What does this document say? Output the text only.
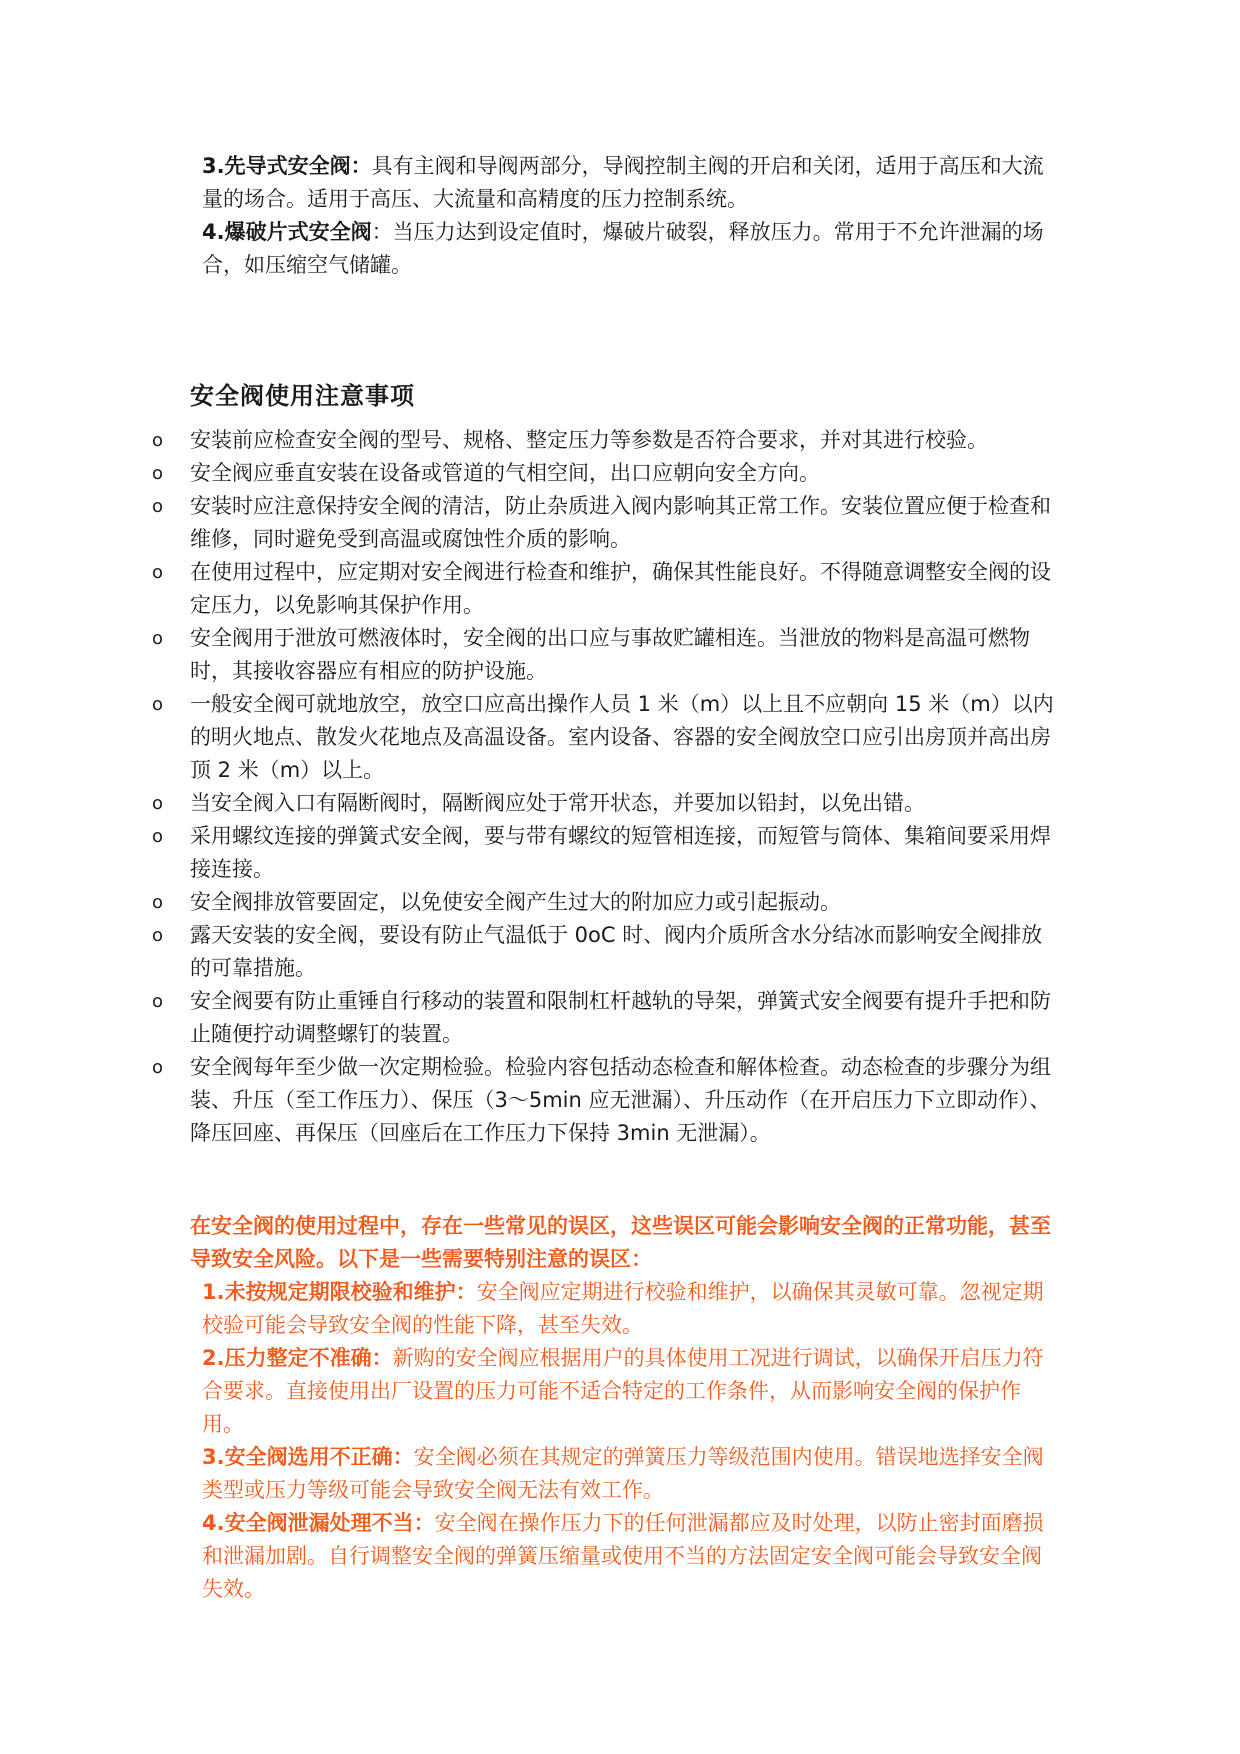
3.先导式安全阀：具有主阀和导阀两部分，导阀控制主阀的开启和关闭，适用于高压和大流量的场合。适用于高压、大流量和高精度的压力控制系统。

4.爆破片式安全阀：当压力达到设定值时，爆破片破裂，释放压力。常用于不允许泄漏的场合，如压缩空气储罐。

安全阀使用注意事项
o 安装前应检查安全阀的型号、规格、整定压力等参数是否符合要求，并对其进行校验。
o 安全阀应垂直安装在设备或管道的气相空间，出口应朝向安全方向。
o 安装时应注意保持安全阀的清洁，防止杂质进入阀内影响其正常工作。安装位置应便于检查和维修，同时避免受到高温或腐蚀性介质的影响。
o 在使用过程中，应定期对安全阀进行检查和维护，确保其性能良好。不得随意调整安全阀的设定压力，以免影响其保护作用。
o 安全阀用于泄放可燃液体时，安全阀的出口应与事故贮罐相连。当泄放的物料是高温可燃物时，其接收容器应有相应的防护设施。
o 一般安全阀可就地放空，放空口应高出操作人员 1 米（m）以上且不应朝向 15 米（m）以内的明火地点、散发火花地点及高温设备。室内设备、容器的安全阀放空口应引出房顶并高出房顶 2 米（m）以上。
o 当安全阀入口有隔断阀时，隔断阀应处于常开状态，并要加以铅封，以免出错。
o 采用螺纹连接的弹簧式安全阀，要与带有螺纹的短管相连接，而短管与筒体、集箱间要采用焊接连接。
o 安全阀排放管要固定，以免使安全阀产生过大的附加应力或引起振动。
o 露天安装的安全阀，要设有防止气温低于 0oC 时、阀内介质所含水分结冰而影响安全阀排放的可靠措施。
o 安全阀要有防止重锤自行移动的装置和限制杠杆越轨的导架，弹簧式安全阀要有提升手把和防止随便拧动调整螺钉的装置。
o 安全阀每年至少做一次定期检验。检验内容包括动态检查和解体检查。动态检查的步骤分为组装、升压（至工作压力）、保压（3～5min 应无泄漏）、升压动作（在开启压力下立即动作）、降压回座、再保压（回座后在工作压力下保持 3min 无泄漏）。

在安全阀的使用过程中，存在一些常见的误区，这些误区可能会影响安全阀的正常功能，甚至导致安全风险。以下是一些需要特别注意的误区：

1.未按规定期限校验和维护：安全阀应定期进行校验和维护，以确保其灵敏可靠。忽视定期校验可能会导致安全阀的性能下降，甚至失效。

2.压力整定不准确：新购的安全阀应根据用户的具体使用工况进行调试，以确保开启压力符合要求。直接使用出厂设置的压力可能不适合特定的工作条件，从而影响安全阀的保护作用。

3.安全阀选用不正确：安全阀必须在其规定的弹簧压力等级范围内使用。错误地选择安全阀类型或压力等级可能会导致安全阀无法有效工作。

4.安全阀泄漏处理不当：安全阀在操作压力下的任何泄漏都应及时处理，以防止密封面磨损和泄漏加剧。自行调整安全阀的弹簧压缩量或使用不当的方法固定安全阀可能会导致安全阀失效。
